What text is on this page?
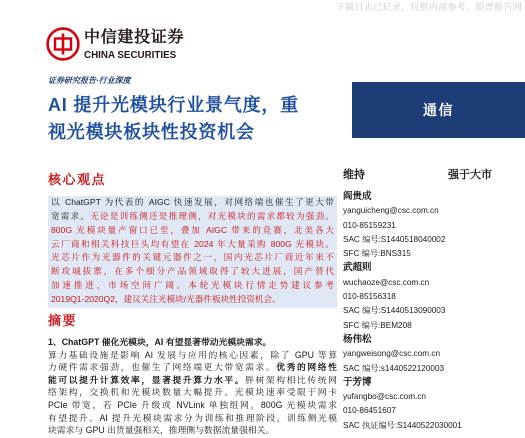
下载日志已记录，仅供内部参考，股票报告网
中信建投证券
CHINA SECURITIES
证券研究报告·行业深度
AI 提升光模块行业景气度，重
视光模块板块性投资机会
通信
维持	强于大市
核心观点
以 ChatGPT 为代表的 AIGC 快速发展，对网络端也催生了更大带
宽需求。无论是训练侧还是推理侧，对光模块的需求都较为强劲。
800G 光模块量产窗口已至，叠加 AIGC 带来的竞赛，北美各大
云厂商和相关科技巨头均有望在 2024 年大量采购 800G 光模块。
光芯片作为光器件的关键元器件之一，国内光芯片厂商近年来不
断攻城拔寨，在多个细分产品领域取得了较大进展，国产替代
加速推进，市场空间广阔。本轮光模块行情走势建议参考
2019Q1-2020Q2，建议关注光模块/光器件板块性投资机会。
摘要
1、ChatGPT 催化光模块，AI 有望显著带动光模块需求。
算力基础设施是影响 AI 发展与应用的核心因素，除了 GPU 等算
力硬件需求强劲，也催生了网络端更大带宽需求。优秀的网络性
能可以提升计算效率，显著提升算力水平。胖树架构相比传统网
络架构，交换机和光模块数量大幅提升。光模块速率受限于网卡
PCIe 带宽，若 PCIe 升级或 NVLink 单独组网，800G 光模块需求
有望提升。AI 提升光模块需求分为训练和推理阶段，训练侧光模
块需求与 GPU 出货量强相关，推理侧与数据流量强相关。
阎贵成
yanguicheng@csc.com.cn
010-85159231
SAC 编号:S1440518040002
SFC 编号:BNS315
武超则
wuchaoze@csc.com.cn
010-85156318
SAC 编号:S1440513090003
SFC 编号:BEM208
杨伟松
yangweisong@csc.com.cn
SAC 编号:s1440522120003
于芳博
yufangbo@csc.com.cn
010-86451607
SAC 执证编号:S1440522030001
